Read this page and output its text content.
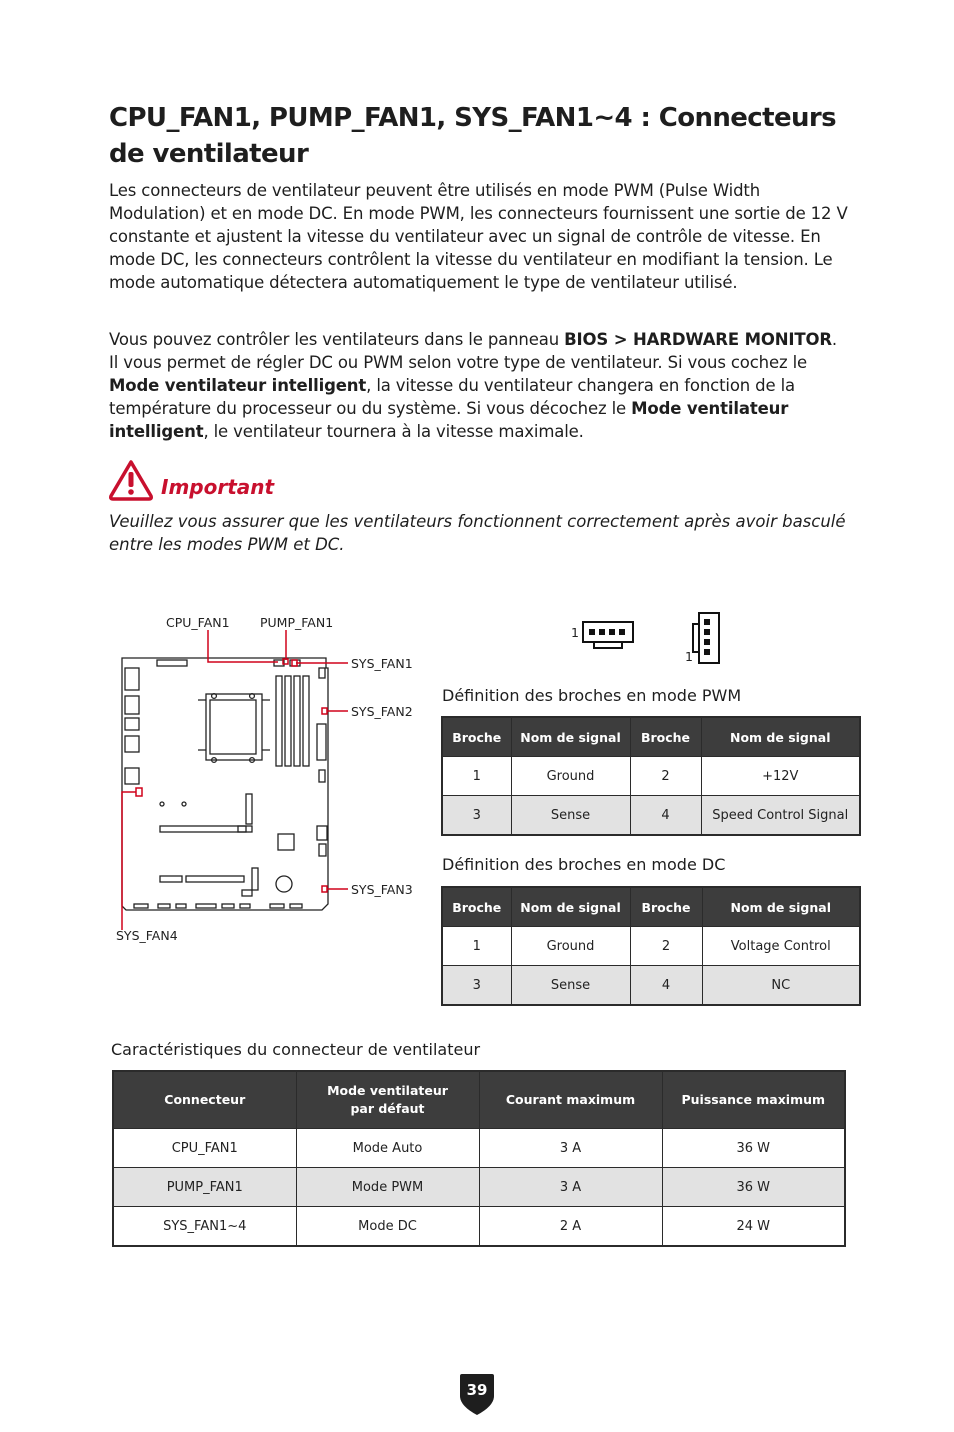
CPU_FAN1, PUMP_FAN1, SYS_FAN1~4 : Connecteurs de ventilateur

Les connecteurs de ventilateur peuvent être utilisés en mode PWM (Pulse Width Modulation) et en mode DC. En mode PWM, les connecteurs fournissent une sortie de 12 V constante et ajustent la vitesse du ventilateur avec un signal de contrôle de vitesse. En mode DC, les connecteurs contrôlent la vitesse du ventilateur en modifiant la tension. Le mode automatique détectera automatiquement le type de ventilateur utilisé.

Vous pouvez contrôler les ventilateurs dans le panneau BIOS > HARDWARE MONITOR. Il vous permet de régler DC ou PWM selon votre type de ventilateur. Si vous cochez le Mode ventilateur intelligent, la vitesse du ventilateur changera en fonction de la température du processeur ou du système. Si vous décochez le Mode ventilateur intelligent, le ventilateur tournera à la vitesse maximale.

Important

Veuillez vous assurer que les ventilateurs fonctionnent correctement après avoir basculé entre les modes PWM et DC.

CPU_FAN1 PUMP_FAN1
SYS_FAN1
SYS_FAN2
SYS_FAN3
SYS_FAN4
1
1
Définition des broches en mode PWM
Broche	Nom de signal	Broche	Nom de signal
1	Ground	2	+12V
3	Sense	4	Speed Control Signal
Définition des broches en mode DC
Broche	Nom de signal	Broche	Nom de signal
1	Ground	2	Voltage Control
3	Sense	4	NC
Caractéristiques du connecteur de ventilateur
Connecteur	Mode ventilateur par défaut	Courant maximum	Puissance maximum
CPU_FAN1	Mode Auto	3 A	36 W
PUMP_FAN1	Mode PWM	3 A	36 W
SYS_FAN1~4	Mode DC	2 A	24 W
39
